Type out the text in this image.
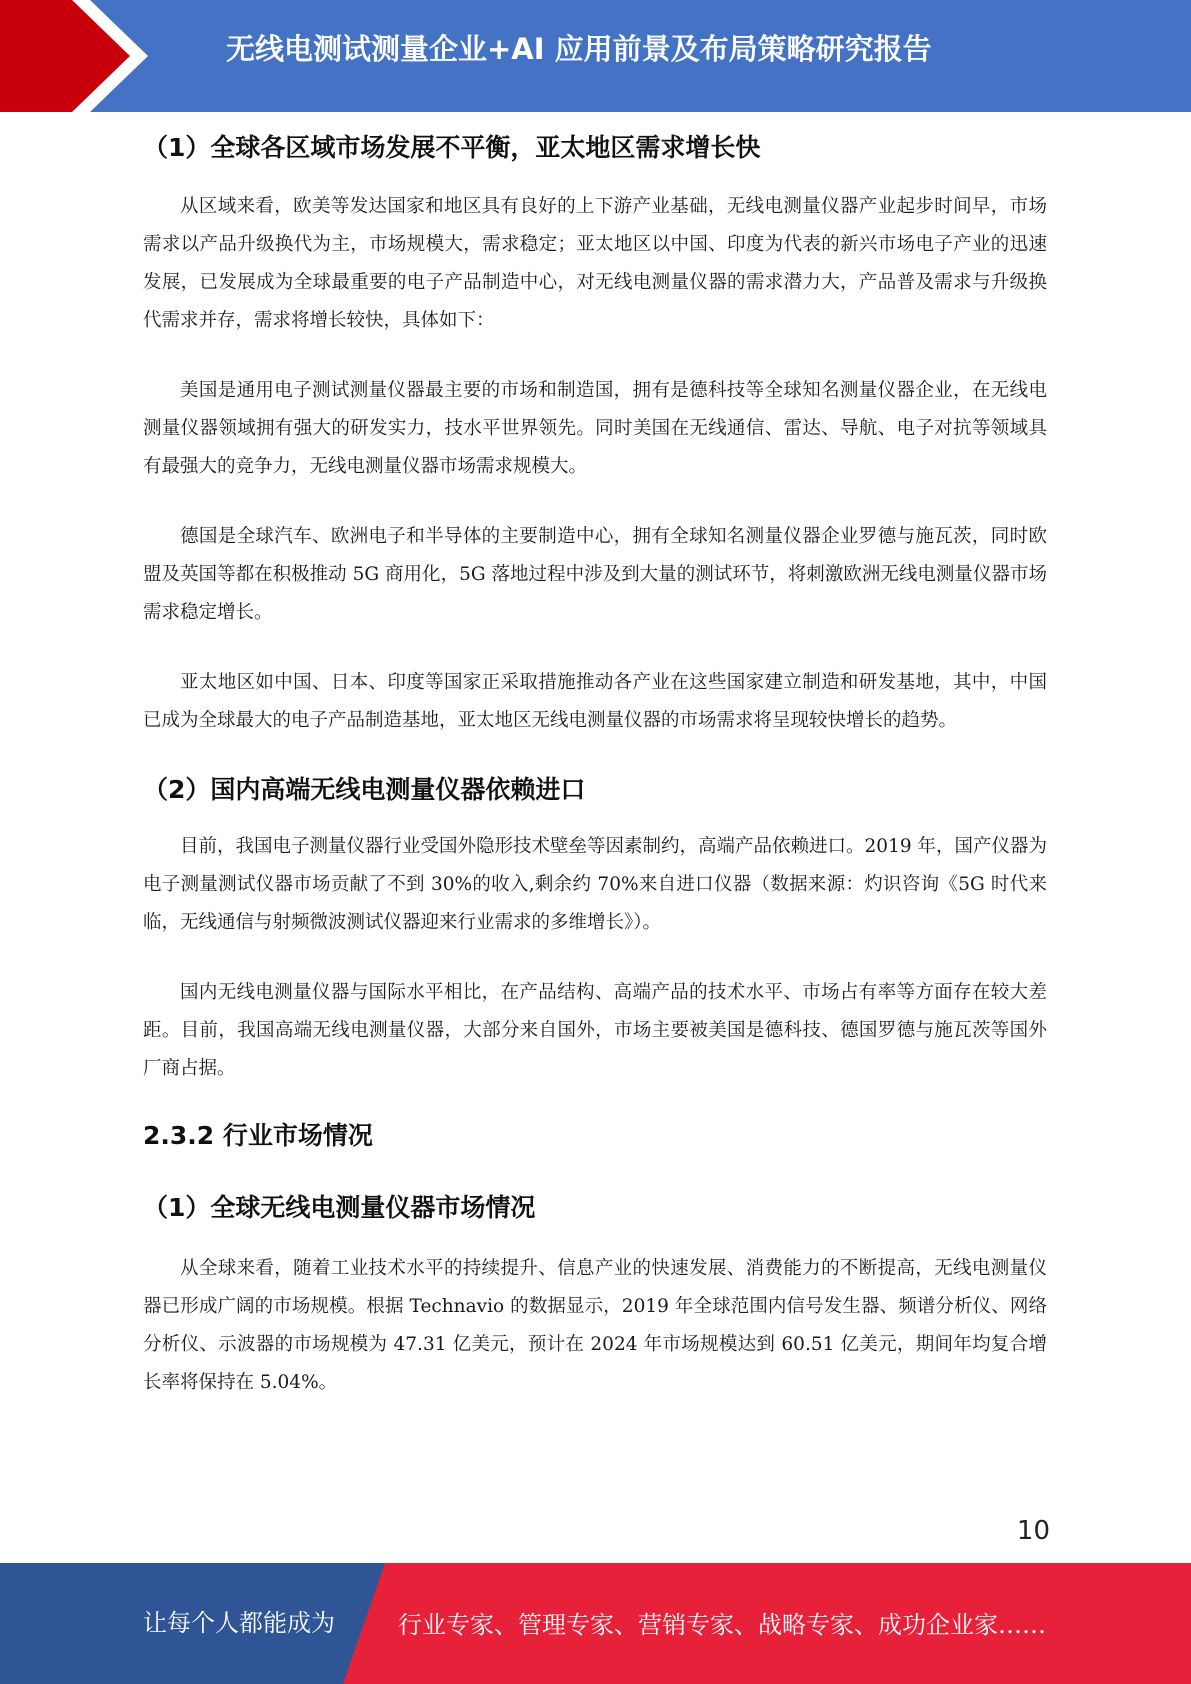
无线电测试测量企业+AI 应用前景及布局策略研究报告
（1）全球各区域市场发展不平衡，亚太地区需求增长快

从区域来看，欧美等发达国家和地区具有良好的上下游产业基础，无线电测量仪器产业起步时间早，市场需求以产品升级换代为主，市场规模大，需求稳定；亚太地区以中国、印度为代表的新兴市场电子产业的迅速发展，已发展成为全球最重要的电子产品制造中心，对无线电测量仪器的需求潜力大，产品普及需求与升级换代需求并存，需求将增长较快，具体如下：

美国是通用电子测试测量仪器最主要的市场和制造国，拥有是德科技等全球知名测量仪器企业，在无线电测量仪器领域拥有强大的研发实力，技水平世界领先。同时美国在无线通信、雷达、导航、电子对抗等领域具有最强大的竞争力，无线电测量仪器市场需求规模大。

德国是全球汽车、欧洲电子和半导体的主要制造中心，拥有全球知名测量仪器企业罗德与施瓦茨，同时欧盟及英国等都在积极推动 5G 商用化，5G 落地过程中涉及到大量的测试环节，将刺激欧洲无线电测量仪器市场需求稳定增长。

亚太地区如中国、日本、印度等国家正采取措施推动各产业在这些国家建立制造和研发基地，其中，中国已成为全球最大的电子产品制造基地，亚太地区无线电测量仪器的市场需求将呈现较快增长的趋势。

（2）国内高端无线电测量仪器依赖进口

目前，我国电子测量仪器行业受国外隐形技术壁垒等因素制约，高端产品依赖进口。2019 年，国产仪器为电子测量测试仪器市场贡献了不到 30%的收入,剩余约 70%来自进口仪器（数据来源：灼识咨询《5G 时代来临，无线通信与射频微波测试仪器迎来行业需求的多维增长》）。

国内无线电测量仪器与国际水平相比，在产品结构、高端产品的技术水平、市场占有率等方面存在较大差距。目前，我国高端无线电测量仪器，大部分来自国外，市场主要被美国是德科技、德国罗德与施瓦茨等国外厂商占据。

2.3.2 行业市场情况
（1）全球无线电测量仪器市场情况

从全球来看，随着工业技术水平的持续提升、信息产业的快速发展、消费能力的不断提高，无线电测量仪器已形成广阔的市场规模。根据 Technavio 的数据显示，2019 年全球范围内信号发生器、频谱分析仪、网络分析仪、示波器的市场规模为 47.31 亿美元，预计在 2024 年市场规模达到 60.51 亿美元，期间年均复合增长率将保持在 5.04%。

10
让每个人都能成为	行业专家、管理专家、营销专家、战略专家、成功企业家……
